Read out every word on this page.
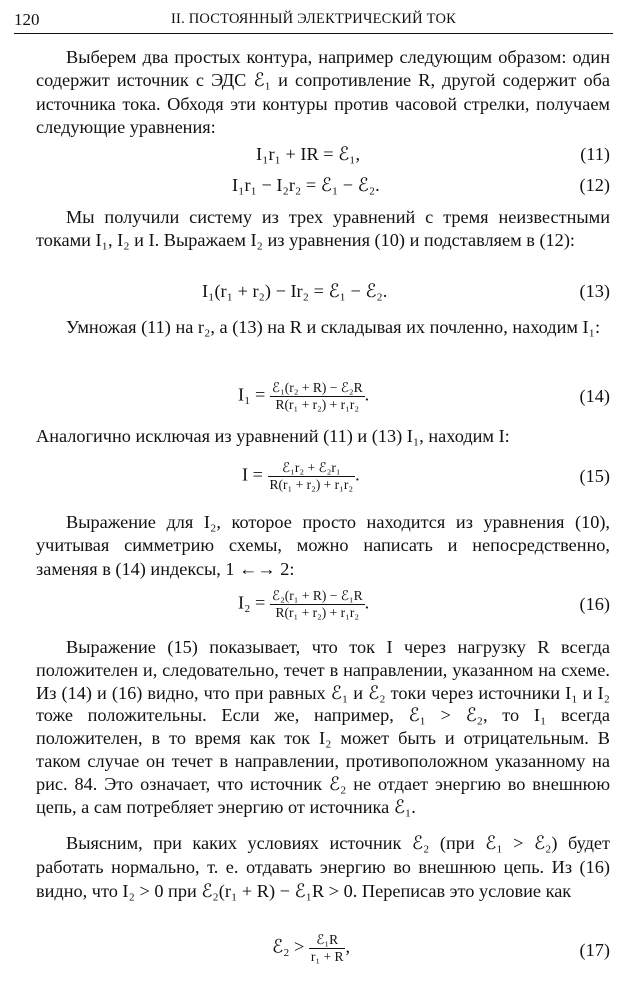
120	II. ПОСТОЯННЫЙ ЭЛЕКТРИЧЕСКИЙ ТОК
Выберем два простых контура, например следующим образом: один содержит источник с ЭДС ℰ₁ и сопротивление R, другой содержит оба источника тока. Обходя эти контуры против часовой стрелки, получаем следующие уравнения:
I₁r₁ + IR = ℰ₁,	(11)
I₁r₁ − I₂r₂ = ℰ₁ − ℰ₂.	(12)
Мы получили систему из трех уравнений с тремя неизвестными токами I₁, I₂ и I. Выражаем I₂ из уравнения (10) и подставляем в (12):
I₁(r₁ + r₂) − Ir₂ = ℰ₁ − ℰ₂.	(13)
Умножая (11) на r₂, а (13) на R и складывая их почленно, находим I₁:
$I_1 = \frac{\text{ℰ₁(r₂ + R) − ℰ₂R}}{\text{R(r₁ + r₂) + r₁r₂}}$ .	(14)
Аналогично исключая из уравнений (11) и (13) I₁, находим I:
$I = \frac{\text{ℰ₁r₂ + ℰ₂r₁}}{\text{R(r₁ + r₂) + r₁r₂}}$ .	(15)
Выражение для I₂, которое просто находится из уравнения (10), учитывая симметрию схемы, можно написать и непосредственно, заменяя в (14) индексы, 1 ←→ 2:
$I_2 = \frac{\text{ℰ₂(r₁ + R) − ℰ₁R}}{\text{R(r₁ + r₂) + r₁r₂}}$ .	(16)
Выражение (15) показывает, что ток I через нагрузку R всегда положителен и, следовательно, течет в направлении, указанном на схеме. Из (14) и (16) видно, что при равных ℰ₁ и ℰ₂ токи через источники I₁ и I₂ тоже положительны. Если же, например, ℰ₁ > ℰ₂, то I₁ всегда положителен, в то время как ток I₂ может быть и отрицательным. В таком случае он течет в направлении, противоположном указанному на рис. 84. Это означает, что источник ℰ₂ не отдает энергию во внешнюю цепь, а сам потребляет энергию от источника ℰ₁.
Выясним, при каких условиях источник ℰ₂ (при ℰ₁ > ℰ₂) будет работать нормально, т. е. отдавать энергию во внешнюю цепь. Из (16) видно, что I₂ > 0 при ℰ₂(r₁ + R) − ℰ₁R > 0. Переписав это условие как
ℰ₂ > $\frac{\text{ℰ₁R}}{\text{r₁ + R}}$ ,	(17)
